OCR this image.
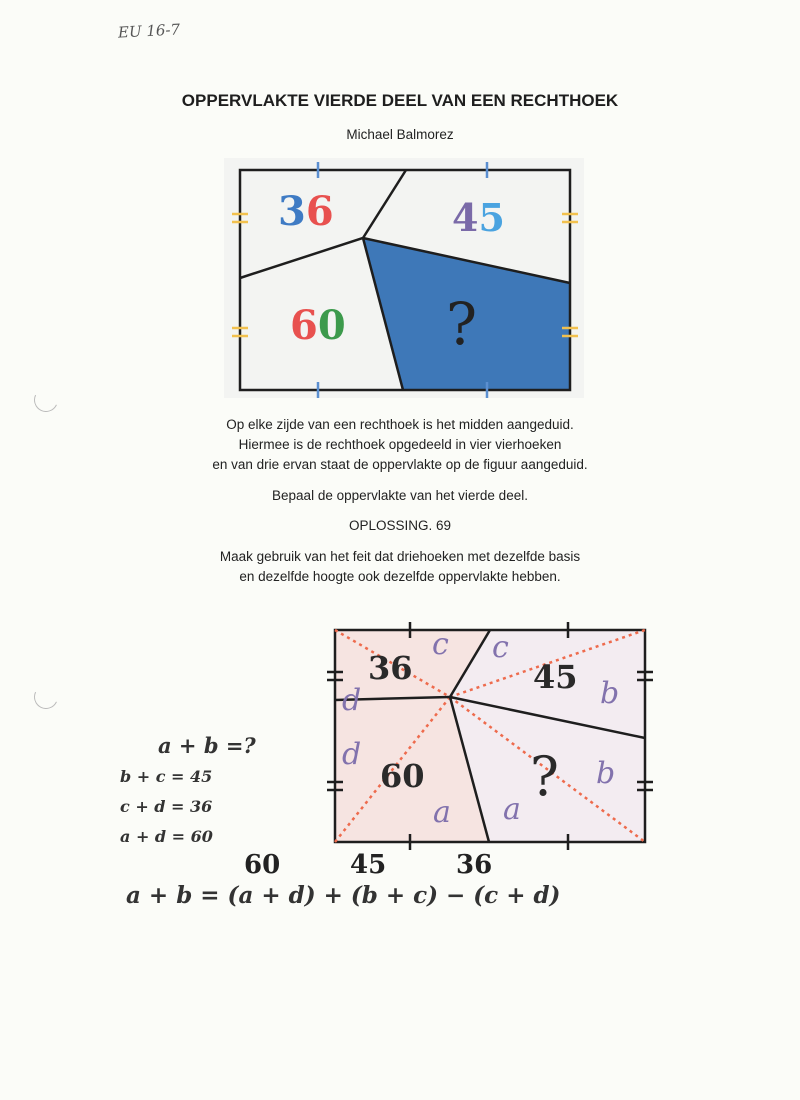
EU 16-7
OPPERVLAKTE VIERDE DEEL VAN EEN RECHTHOEK
Michael Balmorez
36	45
60 ?
Op elke zijde van een rechthoek is het midden aangeduid.
Hiermee is de rechthoek opgedeeld in vier vierhoeken
en van drie ervan staat de oppervlakte op de figuur aangeduid.
Bepaal de oppervlakte van het vierde deel.
OPLOSSING. 69
Maak gebruik van het feit dat driehoeken met dezelfde basis
en dezelfde hoogte ook dezelfde oppervlakte hebben.
36	45
60 ?
c c
d
d
b
b
a a
a + b =?
b + c = 45
c + d = 36
a + d = 60
60	45	36
a + b = (a + d) + (b + c) − (c + d)
